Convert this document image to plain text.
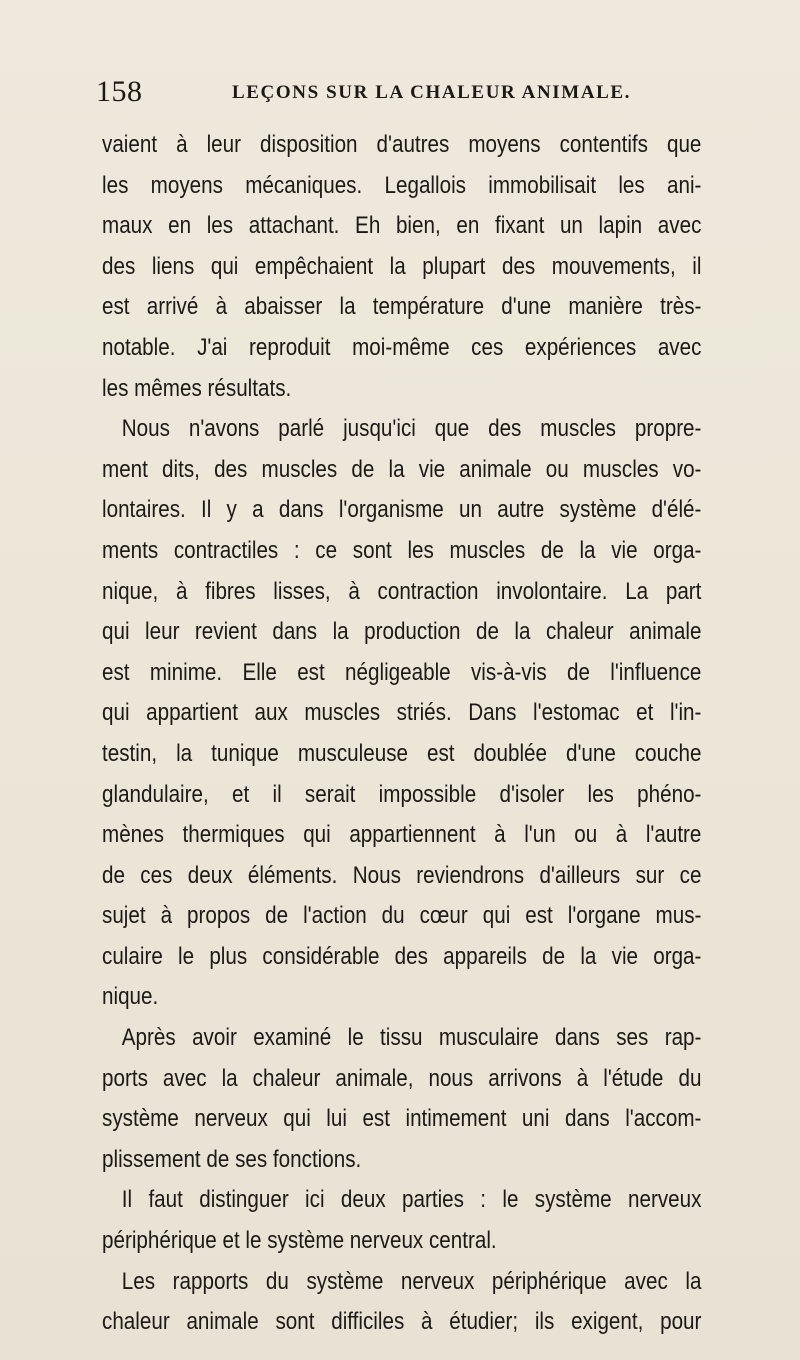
158	LEÇONS SUR LA CHALEUR ANIMALE.
vaient à leur disposition d'autres moyens contentifs que
les moyens mécaniques. Legallois immobilisait les ani-
maux en les attachant. Eh bien, en fixant un lapin avec
des liens qui empêchaient la plupart des mouvements, il
est arrivé à abaisser la température d'une manière très-
notable. J'ai reproduit moi-même ces expériences avec
les mêmes résultats.
Nous n'avons parlé jusqu'ici que des muscles propre-
ment dits, des muscles de la vie animale ou muscles vo-
lontaires. Il y a dans l'organisme un autre système d'élé-
ments contractiles : ce sont les muscles de la vie orga-
nique, à fibres lisses, à contraction involontaire. La part
qui leur revient dans la production de la chaleur animale
est minime. Elle est négligeable vis-à-vis de l'influence
qui appartient aux muscles striés. Dans l'estomac et l'in-
testin, la tunique musculeuse est doublée d'une couche
glandulaire, et il serait impossible d'isoler les phéno-
mènes thermiques qui appartiennent à l'un ou à l'autre
de ces deux éléments. Nous reviendrons d'ailleurs sur ce
sujet à propos de l'action du cœur qui est l'organe mus-
culaire le plus considérable des appareils de la vie orga-
nique.
Après avoir examiné le tissu musculaire dans ses rap-
ports avec la chaleur animale, nous arrivons à l'étude du
système nerveux qui lui est intimement uni dans l'accom-
plissement de ses fonctions.
Il faut distinguer ici deux parties : le système nerveux
périphérique et le système nerveux central.
Les rapports du système nerveux périphérique avec la
chaleur animale sont difficiles à étudier; ils exigent, pour
